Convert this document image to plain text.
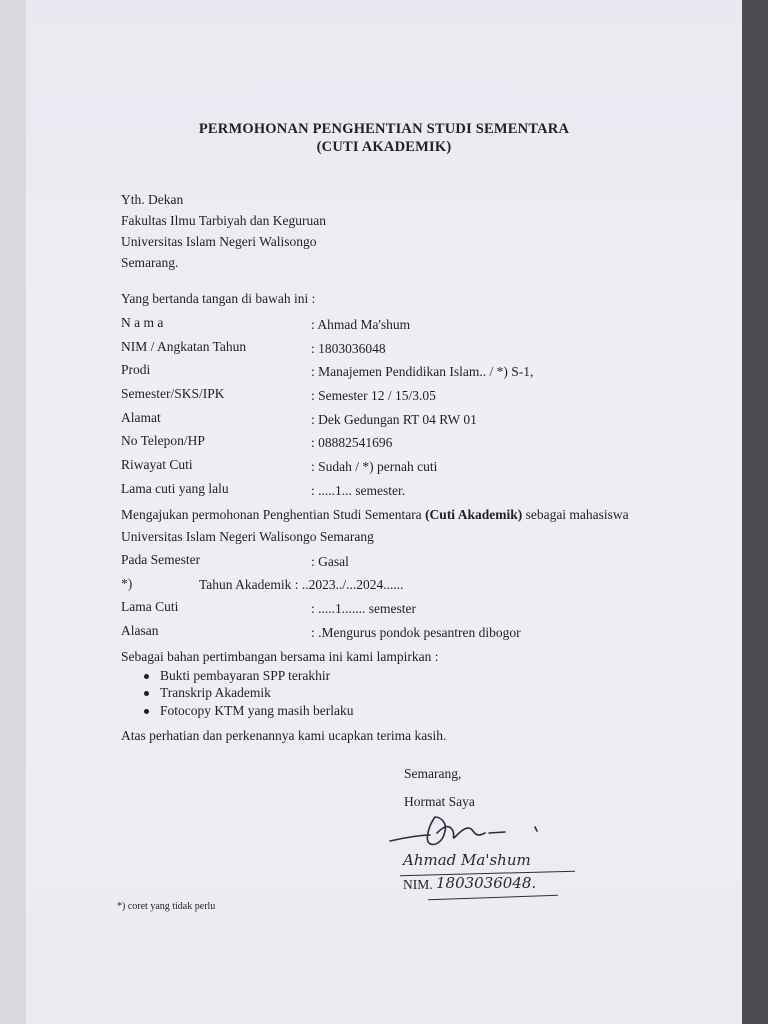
PERMOHONAN PENGHENTIAN STUDI SEMENTARA
(CUTI AKADEMIK)
Yth. Dekan
Fakultas Ilmu Tarbiyah dan Keguruan
Universitas Islam Negeri Walisongo
Semarang.
Yang bertanda tangan di bawah ini :
N a m a	: Ahmad Ma'shum
NIM / Angkatan Tahun	: 1803036048
Prodi	: Manajemen Pendidikan Islam.. / *) S-1,
Semester/SKS/IPK	: Semester 12 / 15/3.05
Alamat	: Dek Gedungan RT 04 RW 01
No Telepon/HP	: 08882541696
Riwayat Cuti	: Sudah / *) pernah cuti
Lama cuti yang lalu	: .....1... semester.
Mengajukan permohonan Penghentian Studi Sementara (Cuti Akademik) sebagai mahasiswa
Universitas Islam Negeri Walisongo Semarang
Pada Semester	: Gasal
*)	Tahun Akademik : ..2023../...2024......
Lama Cuti	: .....1....... semester
Alasan	: .Mengurus pondok pesantren dibogor
Sebagai bahan pertimbangan bersama ini kami lampirkan :
Bukti pembayaran SPP terakhir
Transkrip Akademik
Fotocopy KTM yang masih berlaku
Atas perhatian dan perkenannya kami ucapkan terima kasih.
Semarang,
Hormat Saya
Ahmad Ma'shum
NIM. 1803036048.
*) coret yang tidak perlu
